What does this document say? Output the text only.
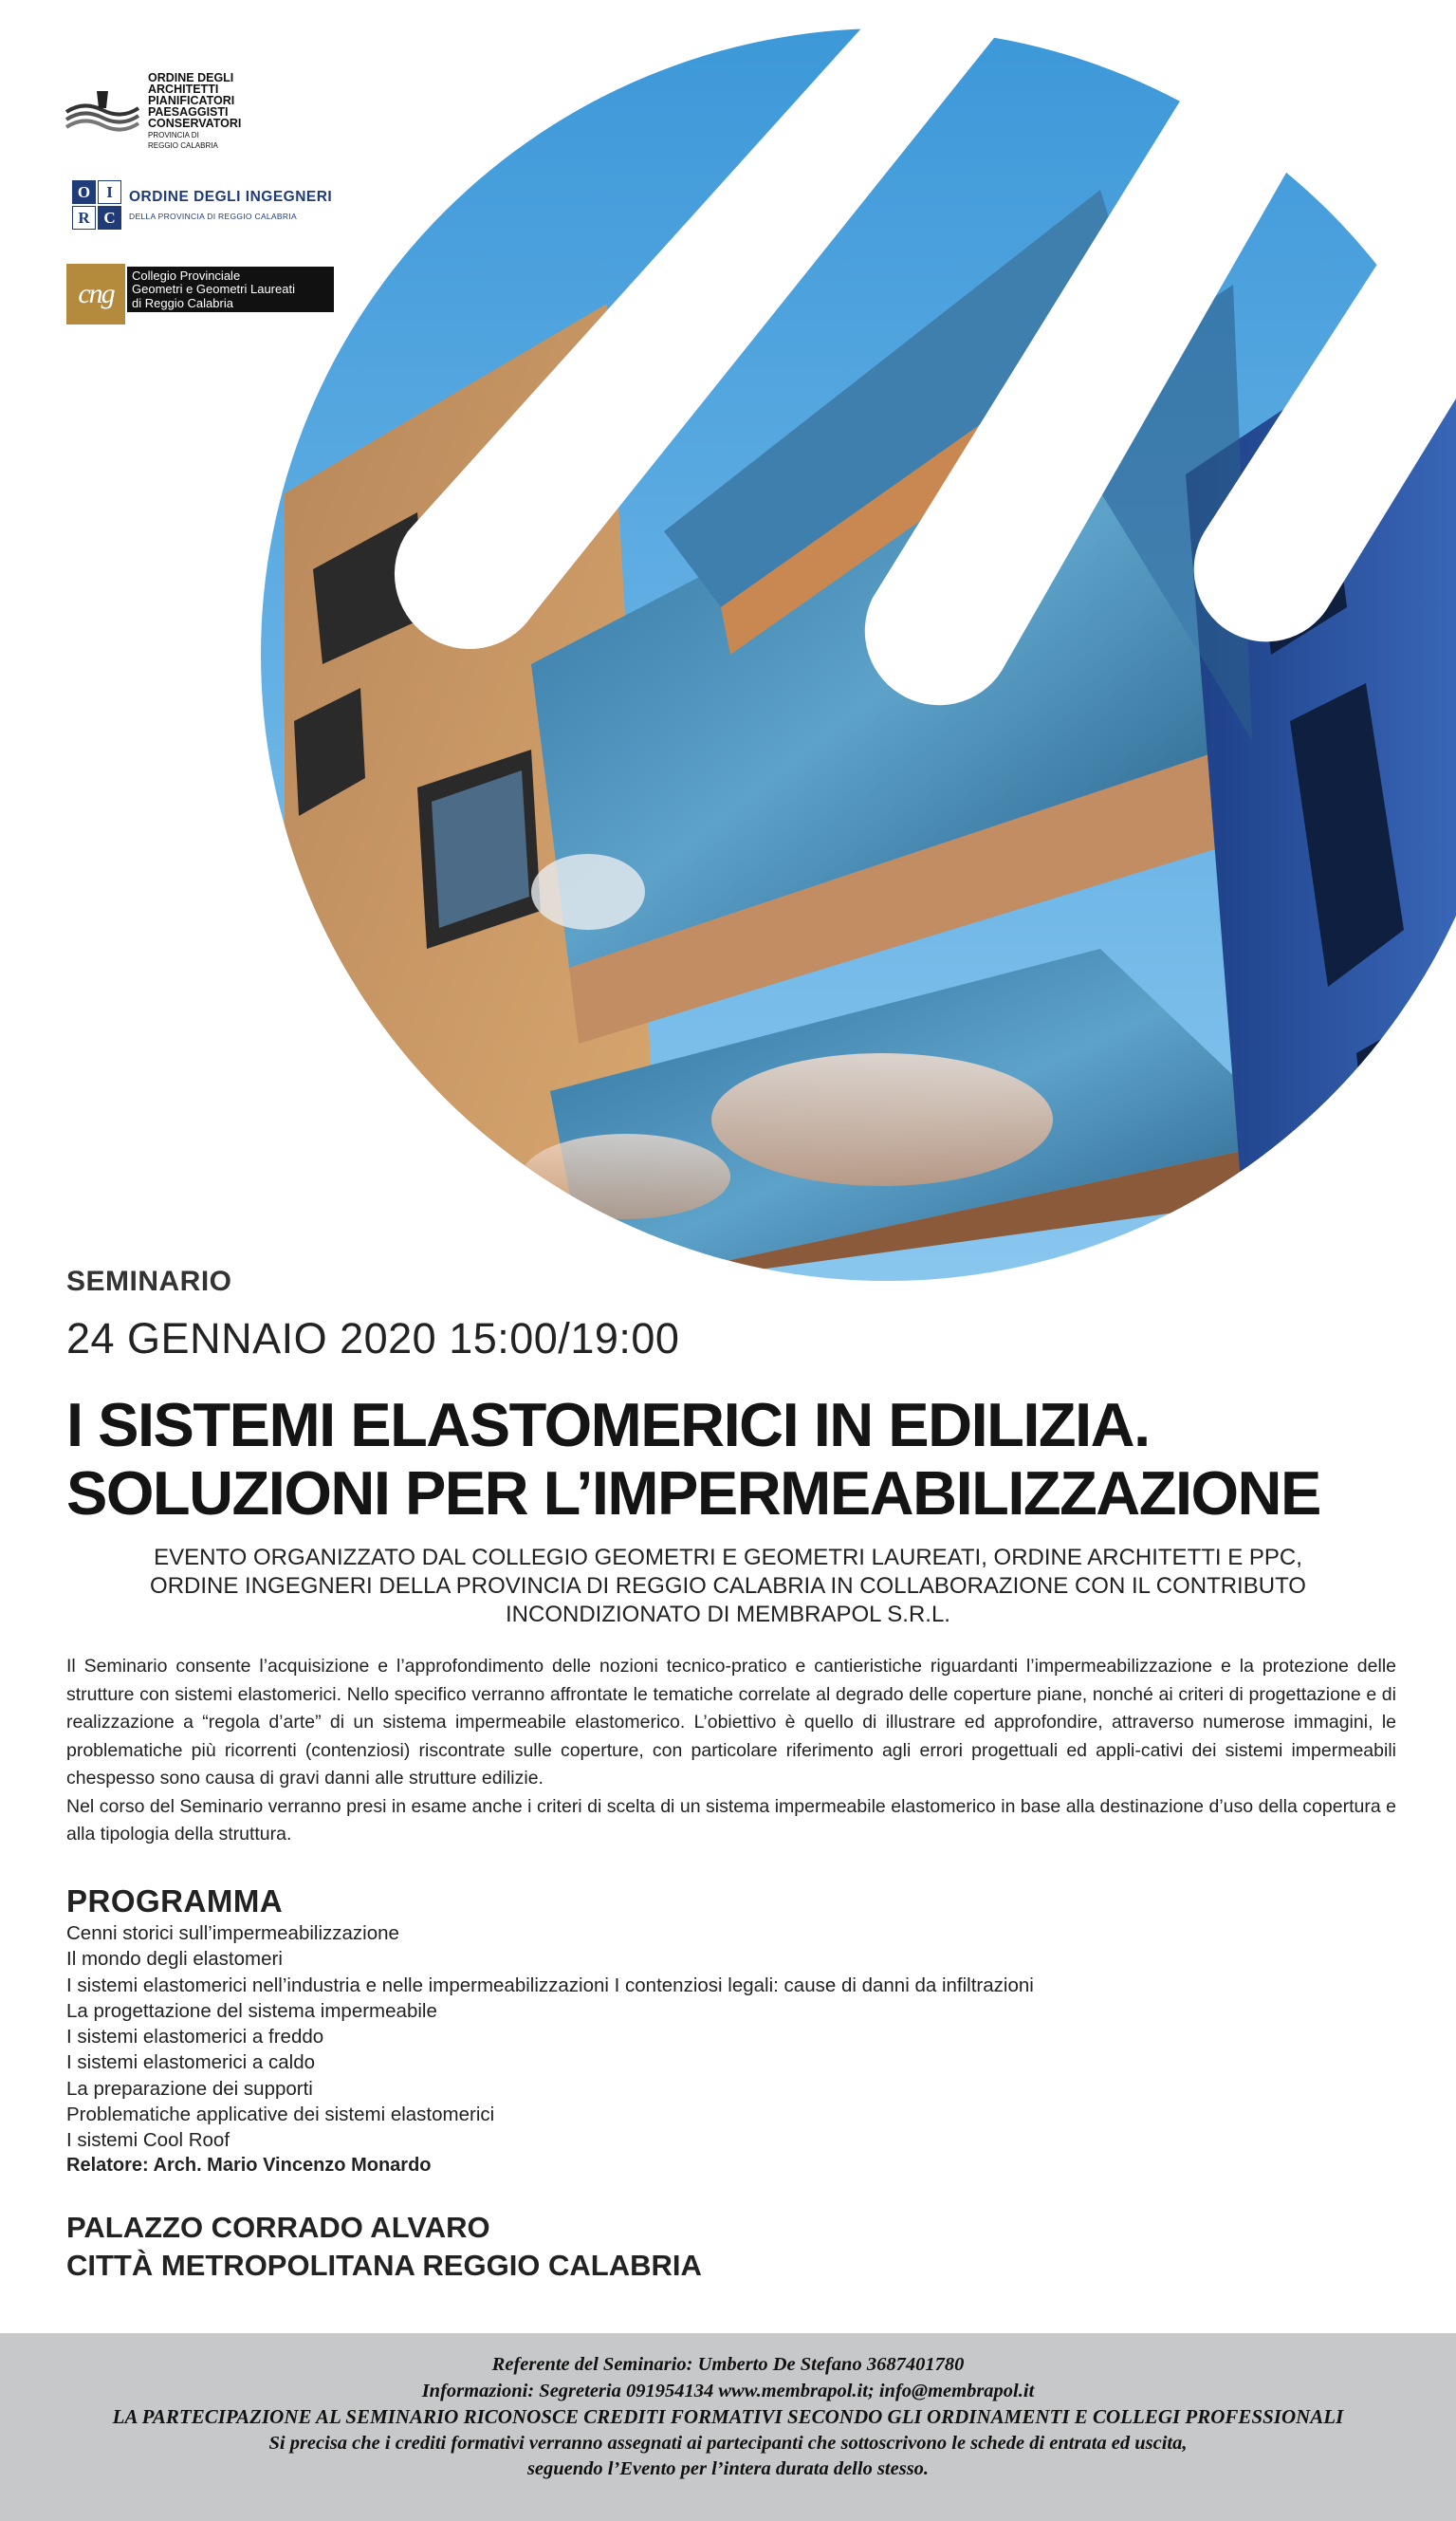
ORDINE DEGLI
ARCHITETTI
PIANIFICATORI
PAESAGGISTI
CONSERVATORI
PROVINCIA DI
REGGIO CALABRIA
O	I
R C
ORDINE DEGLI INGEGNERI
DELLA PROVINCIA DI REGGIO CALABRIA
cng
Collegio Provinciale
Geometri e Geometri Laureati
di Reggio Calabria
SEMINARIO
24 GENNAIO 2020 15:00/19:00
I SISTEMI ELASTOMERICI IN EDILIZIA.
SOLUZIONI PER L’IMPERMEABILIZZAZIONE
EVENTO ORGANIZZATO DAL COLLEGIO GEOMETRI E GEOMETRI LAUREATI, ORDINE ARCHITETTI E PPC,
ORDINE INGEGNERI DELLA PROVINCIA DI REGGIO CALABRIA IN COLLABORAZIONE CON IL CONTRIBUTO
INCONDIZIONATO DI MEMBRAPOL S.R.L.

Il Seminario consente l’acquisizione e l’approfondimento delle nozioni tecnico-pratico e cantieristiche riguardanti l’impermeabilizzazione e la protezione delle strutture con sistemi elastomerici. Nello specifico verranno affrontate le tematiche correlate al degrado delle coperture piane, nonché ai criteri di progettazione e di realizzazione a “regola d’arte” di un sistema impermeabile elastomerico. L’obiettivo è quello di illustrare ed approfondire, attraverso numerose immagini, le problematiche più ricorrenti (contenziosi) riscontrate sulle coperture, con particolare riferimento agli errori progettuali ed appli-cativi dei sistemi impermeabili chespesso sono causa di gravi danni alle strutture edilizie.

Nel corso del Seminario verranno presi in esame anche i criteri di scelta di un sistema impermeabile elastomerico in base alla destinazione d’uso della copertura e alla tipologia della struttura.

PROGRAMMA
Cenni storici sull’impermeabilizzazione
Il mondo degli elastomeri
I sistemi elastomerici nell’industria e nelle impermeabilizzazioni I contenziosi legali: cause di danni da infiltrazioni
La progettazione del sistema impermeabile
I sistemi elastomerici a freddo
I sistemi elastomerici a caldo
La preparazione dei supporti
Problematiche applicative dei sistemi elastomerici
I sistemi Cool Roof
Relatore: Arch. Mario Vincenzo Monardo
PALAZZO CORRADO ALVARO
CITTÀ METROPOLITANA REGGIO CALABRIA
Referente del Seminario: Umberto De Stefano 3687401780
Informazioni: Segreteria 091954134 www.membrapol.it; info@membrapol.it
LA PARTECIPAZIONE AL SEMINARIO RICONOSCE CREDITI FORMATIVI SECONDO GLI ORDINAMENTI E COLLEGI PROFESSIONALI
Si precisa che i crediti formativi verranno assegnati ai partecipanti che sottoscrivono le schede di entrata ed uscita,
seguendo l’Evento per l’intera durata dello stesso.
